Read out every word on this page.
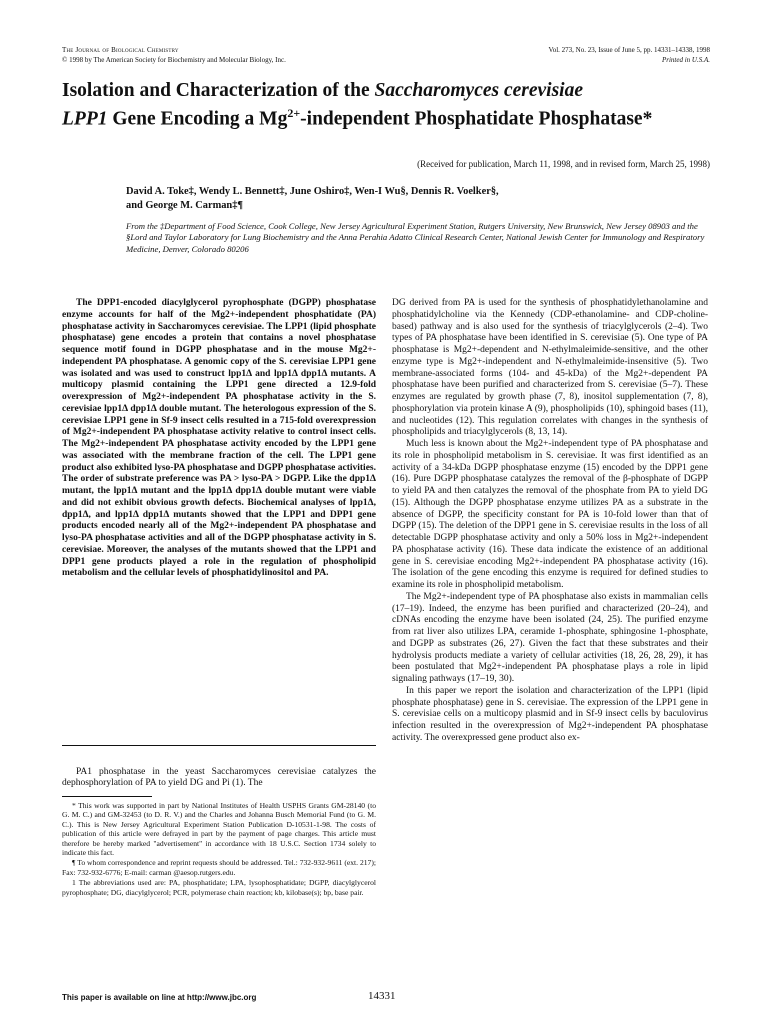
The Journal of Biological Chemistry
© 1998 by The American Society for Biochemistry and Molecular Biology, Inc.
Vol. 273, No. 23, Issue of June 5, pp. 14331–14338, 1998
Printed in U.S.A.
Isolation and Characterization of the Saccharomyces cerevisiae
LPP1 Gene Encoding a $Mg^{2+}$-independent Phosphatidate Phosphatase*
(Received for publication, March 11, 1998, and in revised form, March 25, 1998)
David A. Toke‡, Wendy L. Bennett‡, June Oshiro‡, Wen-I Wu§, Dennis R. Voelker§,
and George M. Carman‡¶
From the ‡Department of Food Science, Cook College, New Jersey Agricultural Experiment Station, Rutgers University, New Brunswick, New Jersey 08903 and the §Lord and Taylor Laboratory for Lung Biochemistry and the Anna Perahia Adatto Clinical Research Center, National Jewish Center for Immunology and Respiratory Medicine, Denver, Colorado 80206

The DPP1-encoded diacylglycerol pyrophosphate (DGPP) phosphatase enzyme accounts for half of the Mg2+-independent phosphatidate (PA) phosphatase activity in Saccharomyces cerevisiae. The LPP1 (lipid phosphate phosphatase) gene encodes a protein that contains a novel phosphatase sequence motif found in DGPP phosphatase and in the mouse Mg2+-independent PA phosphatase. A genomic copy of the S. cerevisiae LPP1 gene was isolated and was used to construct lpp1Δ and lpp1Δ dpp1Δ mutants. A multicopy plasmid containing the LPP1 gene directed a 12.9-fold overexpression of Mg2+-independent PA phosphatase activity in the S. cerevisiae lpp1Δ dpp1Δ double mutant. The heterologous expression of the S. cerevisiae LPP1 gene in Sf-9 insect cells resulted in a 715-fold overexpression of Mg2+-independent PA phosphatase activity relative to control insect cells. The Mg2+-independent PA phosphatase activity encoded by the LPP1 gene was associated with the membrane fraction of the cell. The LPP1 gene product also exhibited lyso-PA phosphatase and DGPP phosphatase activities. The order of substrate preference was PA > lyso-PA > DGPP. Like the dpp1Δ mutant, the lpp1Δ mutant and the lpp1Δ dpp1Δ double mutant were viable and did not exhibit obvious growth defects. Biochemical analyses of lpp1Δ, dpp1Δ, and lpp1Δ dpp1Δ mutants showed that the LPP1 and DPP1 gene products encoded nearly all of the Mg2+-independent PA phosphatase and lyso-PA phosphatase activities and all of the DGPP phosphatase activity in S. cerevisiae. Moreover, the analyses of the mutants showed that the LPP1 and DPP1 gene products played a role in the regulation of phospholipid metabolism and the cellular levels of phosphatidylinositol and PA.

PA1 phosphatase in the yeast Saccharomyces cerevisiae catalyzes the dephosphorylation of PA to yield DG and Pi (1). The

* This work was supported in part by National Institutes of Health USPHS Grants GM-28140 (to G. M. C.) and GM-32453 (to D. R. V.) and the Charles and Johanna Busch Memorial Fund (to G. M. C.). This is New Jersey Agricultural Experiment Station Publication D-10531-1-98. The costs of publication of this article were defrayed in part by the payment of page charges. This article must therefore be hereby marked "advertisement" in accordance with 18 U.S.C. Section 1734 solely to indicate this fact.

¶ To whom correspondence and reprint requests should be addressed. Tel.: 732-932-9611 (ext. 217); Fax: 732-932-6776; E-mail: carman @aesop.rutgers.edu.

1 The abbreviations used are: PA, phosphatidate; LPA, lysophosphatidate; DGPP, diacylglycerol pyrophosphate; DG, diacylglycerol; PCR, polymerase chain reaction; kb, kilobase(s); bp, base pair.

DG derived from PA is used for the synthesis of phosphatidylethanolamine and phosphatidylcholine via the Kennedy (CDP-ethanolamine- and CDP-choline-based) pathway and is also used for the synthesis of triacylglycerols (2–4). Two types of PA phosphatase have been identified in S. cerevisiae (5). One type of PA phosphatase is Mg2+-dependent and N-ethylmaleimide-sensitive, and the other enzyme type is Mg2+-independent and N-ethylmaleimide-insensitive (5). Two membrane-associated forms (104- and 45-kDa) of the Mg2+-dependent PA phosphatase have been purified and characterized from S. cerevisiae (5–7). These enzymes are regulated by growth phase (7, 8), inositol supplementation (7, 8), phosphorylation via protein kinase A (9), phospholipids (10), sphingoid bases (11), and nucleotides (12). This regulation correlates with changes in the synthesis of phospholipids and triacylglycerols (8, 13, 14).

Much less is known about the Mg2+-independent type of PA phosphatase and its role in phospholipid metabolism in S. cerevisiae. It was first identified as an activity of a 34-kDa DGPP phosphatase enzyme (15) encoded by the DPP1 gene (16). Pure DGPP phosphatase catalyzes the removal of the β-phosphate of DGPP to yield PA and then catalyzes the removal of the phosphate from PA to yield DG (15). Although the DGPP phosphatase enzyme utilizes PA as a substrate in the absence of DGPP, the specificity constant for PA is 10-fold lower than that of DGPP (15). The deletion of the DPP1 gene in S. cerevisiae results in the loss of all detectable DGPP phosphatase activity and only a 50% loss in Mg2+-independent PA phosphatase activity (16). These data indicate the existence of an additional gene in S. cerevisiae encoding Mg2+-independent PA phosphatase activity (16). The isolation of the gene encoding this enzyme is required for defined studies to examine its role in phospholipid metabolism.

The Mg2+-independent type of PA phosphatase also exists in mammalian cells (17–19). Indeed, the enzyme has been purified and characterized (20–24), and cDNAs encoding the enzyme have been isolated (24, 25). The purified enzyme from rat liver also utilizes LPA, ceramide 1-phosphate, sphingosine 1-phosphate, and DGPP as substrates (26, 27). Given the fact that these substrates and their hydrolysis products mediate a variety of cellular activities (18, 26, 28, 29), it has been postulated that Mg2+-independent PA phosphatase plays a role in lipid signaling pathways (17–19, 30).

In this paper we report the isolation and characterization of the LPP1 (lipid phosphate phosphatase) gene in S. cerevisiae. The expression of the LPP1 gene in S. cerevisiae cells on a multicopy plasmid and in Sf-9 insect cells by baculovirus infection resulted in the overexpression of Mg2+-independent PA phosphatase activity. The overexpressed gene product also ex-

This paper is available on line at http://www.jbc.org	14331
